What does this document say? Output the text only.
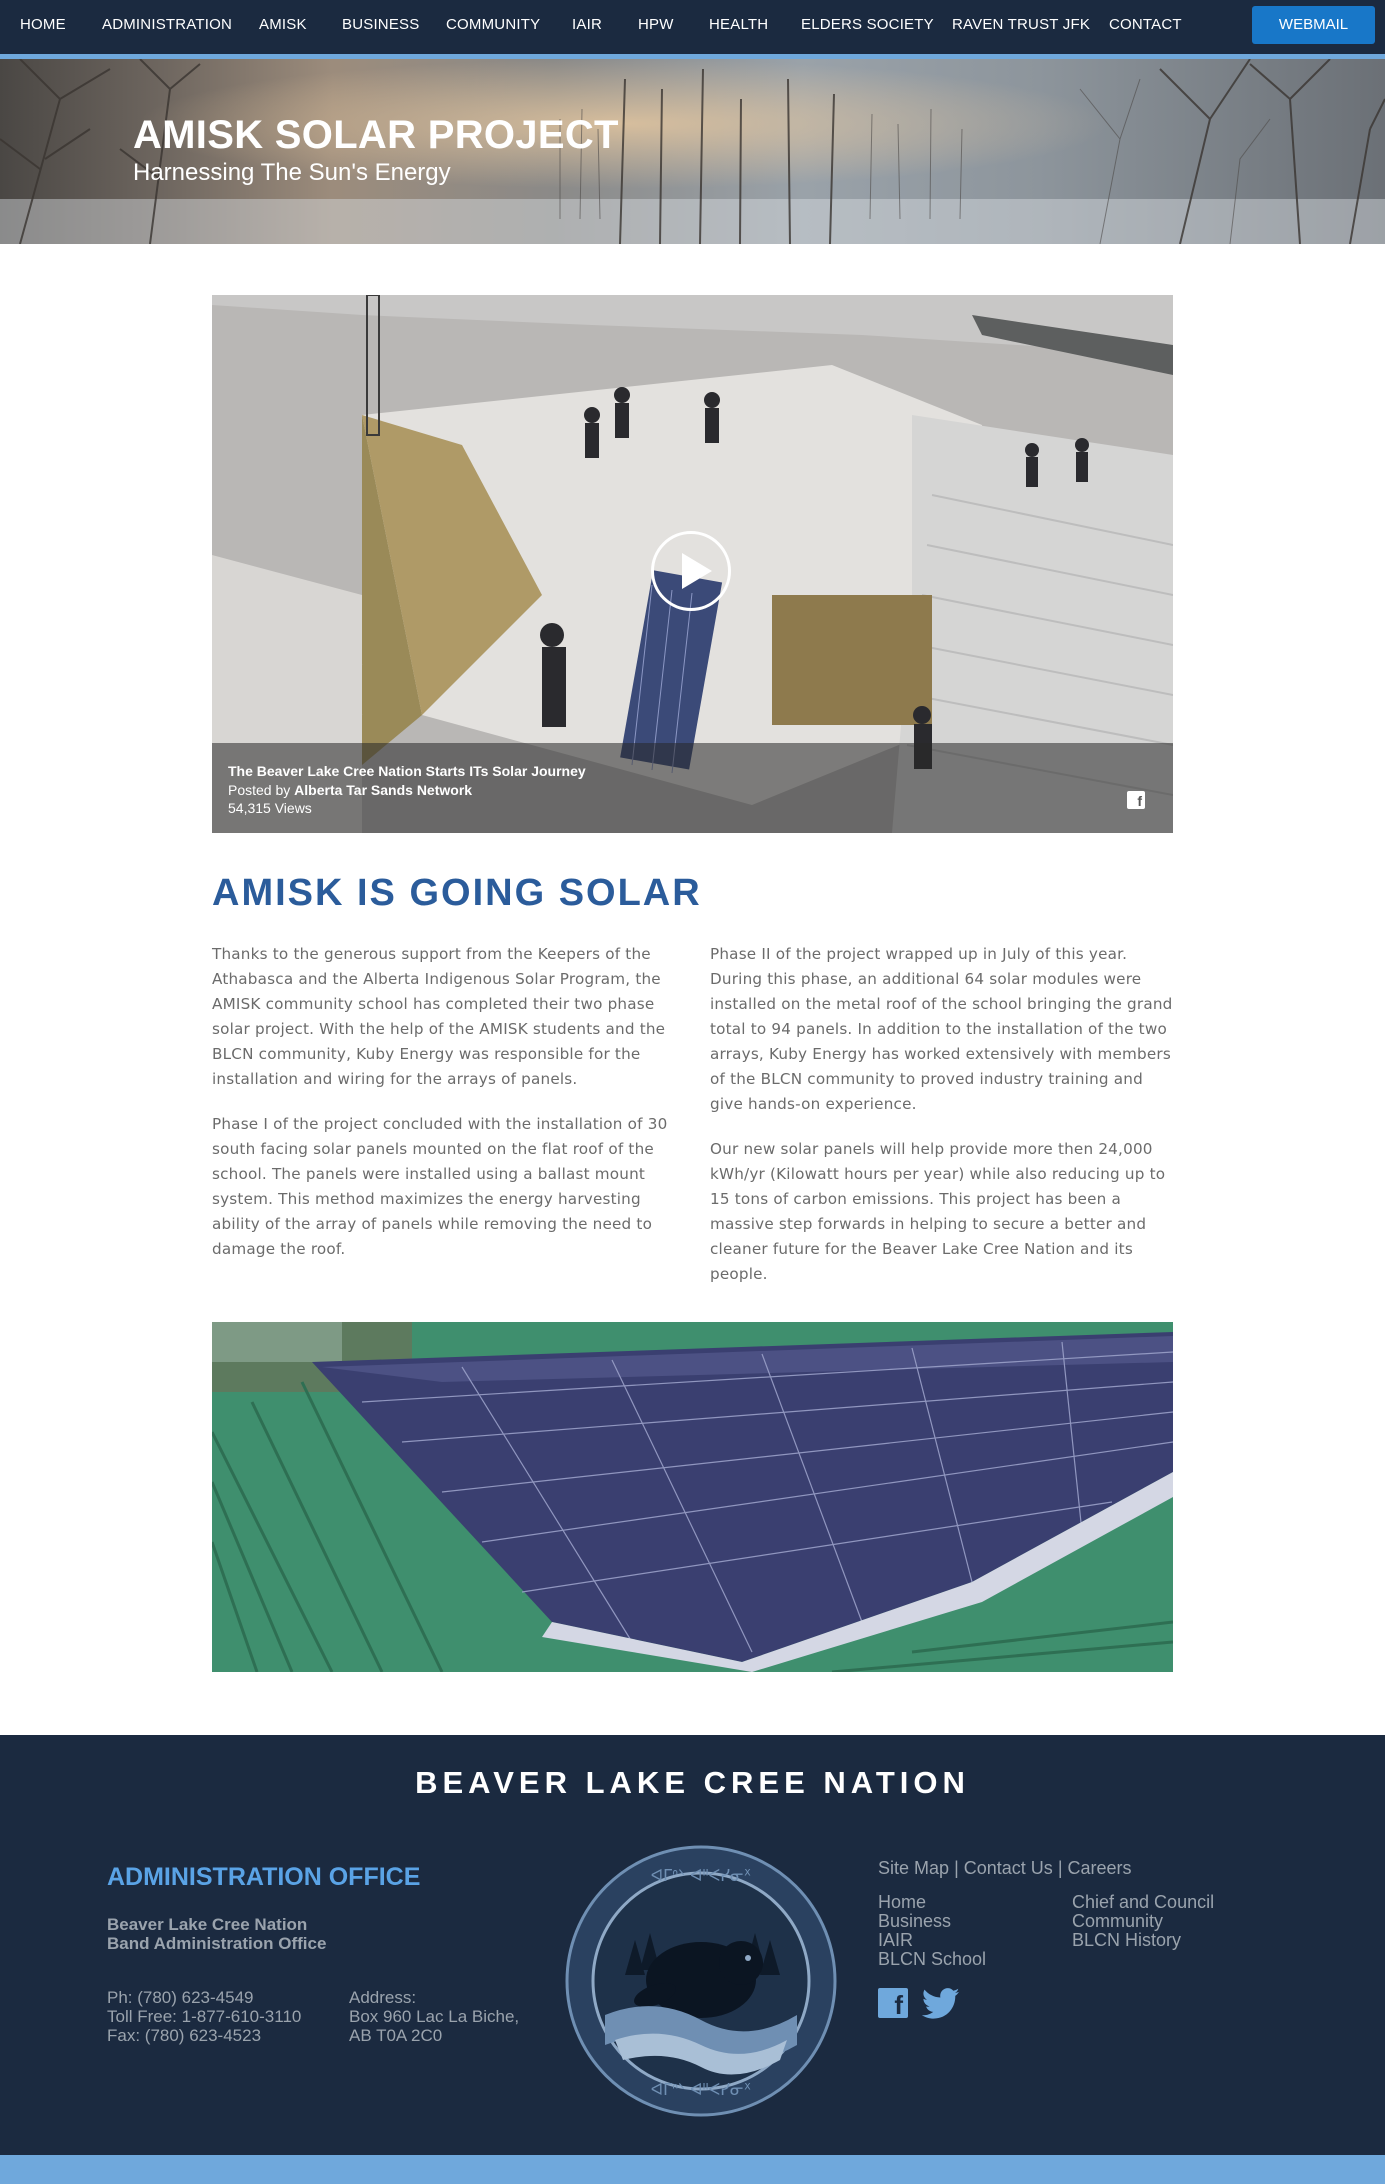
HOME ADMINISTRATION AMISK BUSINESS COMMUNITY IAIR HPW HEALTH ELDERS SOCIETY RAVEN TRUST JFK CONTACT	WEBMAIL
AMISK SOLAR PROJECT
Harnessing The Sun's Energy
The Beaver Lake Cree Nation Starts ITs Solar Journey
Posted by Alberta Tar Sands Network
54,315 Views	f
AMISK IS GOING SOLAR

Thanks to the generous support from the Keepers of the Athabasca and the Alberta Indigenous Solar Program, the AMISK community school has completed their two phase solar project. With the help of the AMISK students and the BLCN community, Kuby Energy was responsible for the installation and wiring for the arrays of panels.

Phase I of the project concluded with the installation of 30 south facing solar panels mounted on the flat roof of the school. The panels were installed using a ballast mount system. This method maximizes the energy harvesting ability of the array of panels while removing the need to damage the roof.

Phase II of the project wrapped up in July of this year. During this phase, an additional 64 solar modules were installed on the metal roof of the school bringing the grand total to 94 panels. In addition to the installation of the two arrays, Kuby Energy has worked extensively with members of the BLCN community to proved industry training and give hands-on experience.

Our new solar panels will help provide more then 24,000 kWh/yr (Kilowatt hours per year) while also reducing up to 15 tons of carbon emissions. This project has been a massive step forwards in helping to secure a better and cleaner future for the Beaver Lake Cree Nation and its people.

BEAVER LAKE CREE NATION
ADMINISTRATION OFFICE
Beaver Lake Cree Nation
Band Administration Office
Ph: (780) 623-4549
Toll Free: 1-877-610-3110
Fax: (780) 623-4523
Address:
Box 960 Lac La Biche,
AB T0A 2C0
ᐊᒥᐢᐠ ᐊᐦᐸᓯᓂᕽ
ᐊᒥᐢᐠ ᐊᐦᐸᓯᓂᕽ
Site Map | Contact Us | Careers
Home
Business
IAIR
BLCN School
Chief and Council
Community
BLCN History
f
